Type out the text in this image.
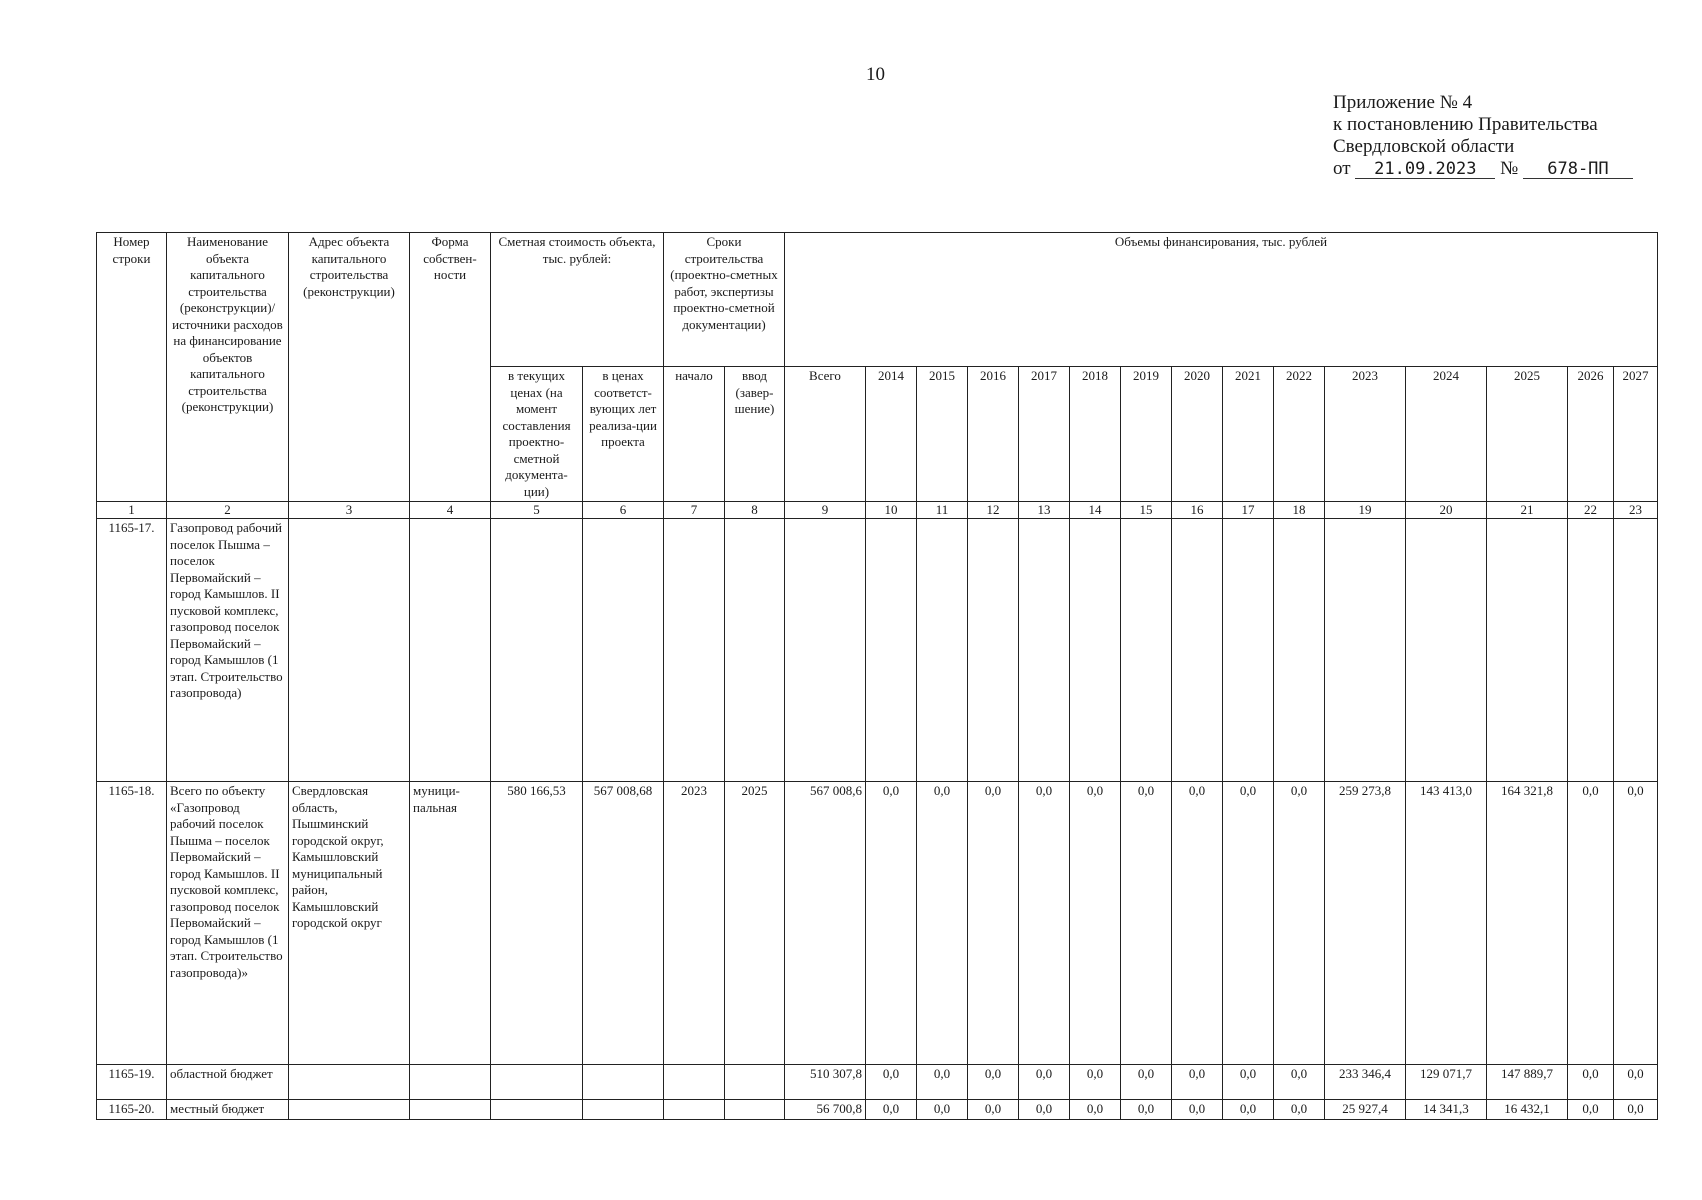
10
Приложение № 4
к постановлению Правительства
Свердловской области
от 21.09.2023 № 678-ПП
Номер строки	Наименование объекта капитального строительства (реконструкции)/ источники расходов на финансирование объектов капитального строительства (реконструкции)	Адрес объекта капитального строительства (реконструкции)	Форма собствен-ности	Сметная стоимость объекта, тыс. рублей:		Сроки строительства (проектно-сметных работ, экспертизы проектно-сметной документации)		Объемы финансирования, тыс. рублей														
				в текущих ценах (на момент составления проектно-сметной документа-ции)	в ценах соответст-вующих лет реализа-ции проекта	начало	ввод (завер-шение)	Всего	2014	2015	2016	2017	2018	2019	2020	2021	2022	2023	2024	2025	2026	2027
1	2	3	4	5	6	7	8	9	10	11	12	13	14	15	16	17	18	19	20	21	22	23
1165-17.	Газопровод рабочий поселок Пышма – поселок Первомайский – город Камышлов. II пусковой комплекс, газопровод поселок Первомайский – город Камышлов (1 этап. Строительство газопровода)																					
1165-18.	Всего по объекту «Газопровод рабочий поселок Пышма – поселок Первомайский – город Камышлов. II пусковой комплекс, газопровод поселок Первомайский – город Камышлов (1 этап. Строительство газопровода)»	Свердловская область, Пышминский городской округ, Камышловский муниципальный район, Камышловский городской округ	муници-пальная	580 166,53	567 008,68	2023	2025	567 008,6	0,0	0,0	0,0	0,0	0,0	0,0	0,0	0,0	0,0	259 273,8	143 413,0	164 321,8	0,0	0,0
1165-19.	областной бюджет							510 307,8	0,0	0,0	0,0	0,0	0,0	0,0	0,0	0,0	0,0	233 346,4	129 071,7	147 889,7	0,0	0,0
1165-20.	местный бюджет							56 700,8	0,0	0,0	0,0	0,0	0,0	0,0	0,0	0,0	0,0	25 927,4	14 341,3	16 432,1	0,0	0,0
